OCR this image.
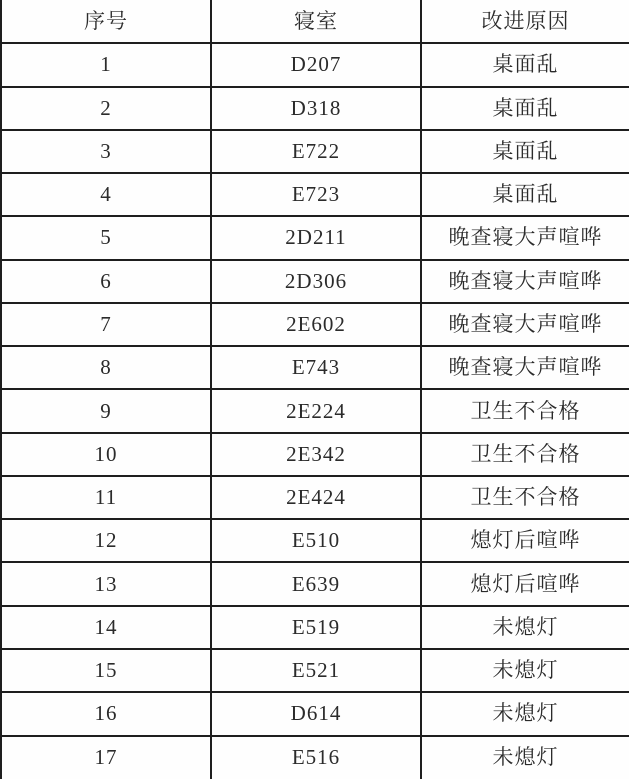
序号	寝室	改进原因
1	D207	桌面乱
2	D318	桌面乱
3	E722	桌面乱
4	E723	桌面乱
5	2D211	晚查寝大声喧哗
6	2D306	晚查寝大声喧哗
7	2E602	晚查寝大声喧哗
8	E743	晚查寝大声喧哗
9	2E224	卫生不合格
10	2E342	卫生不合格
11	2E424	卫生不合格
12	E510	熄灯后喧哗
13	E639	熄灯后喧哗
14	E519	未熄灯
15	E521	未熄灯
16	D614	未熄灯
17	E516	未熄灯
